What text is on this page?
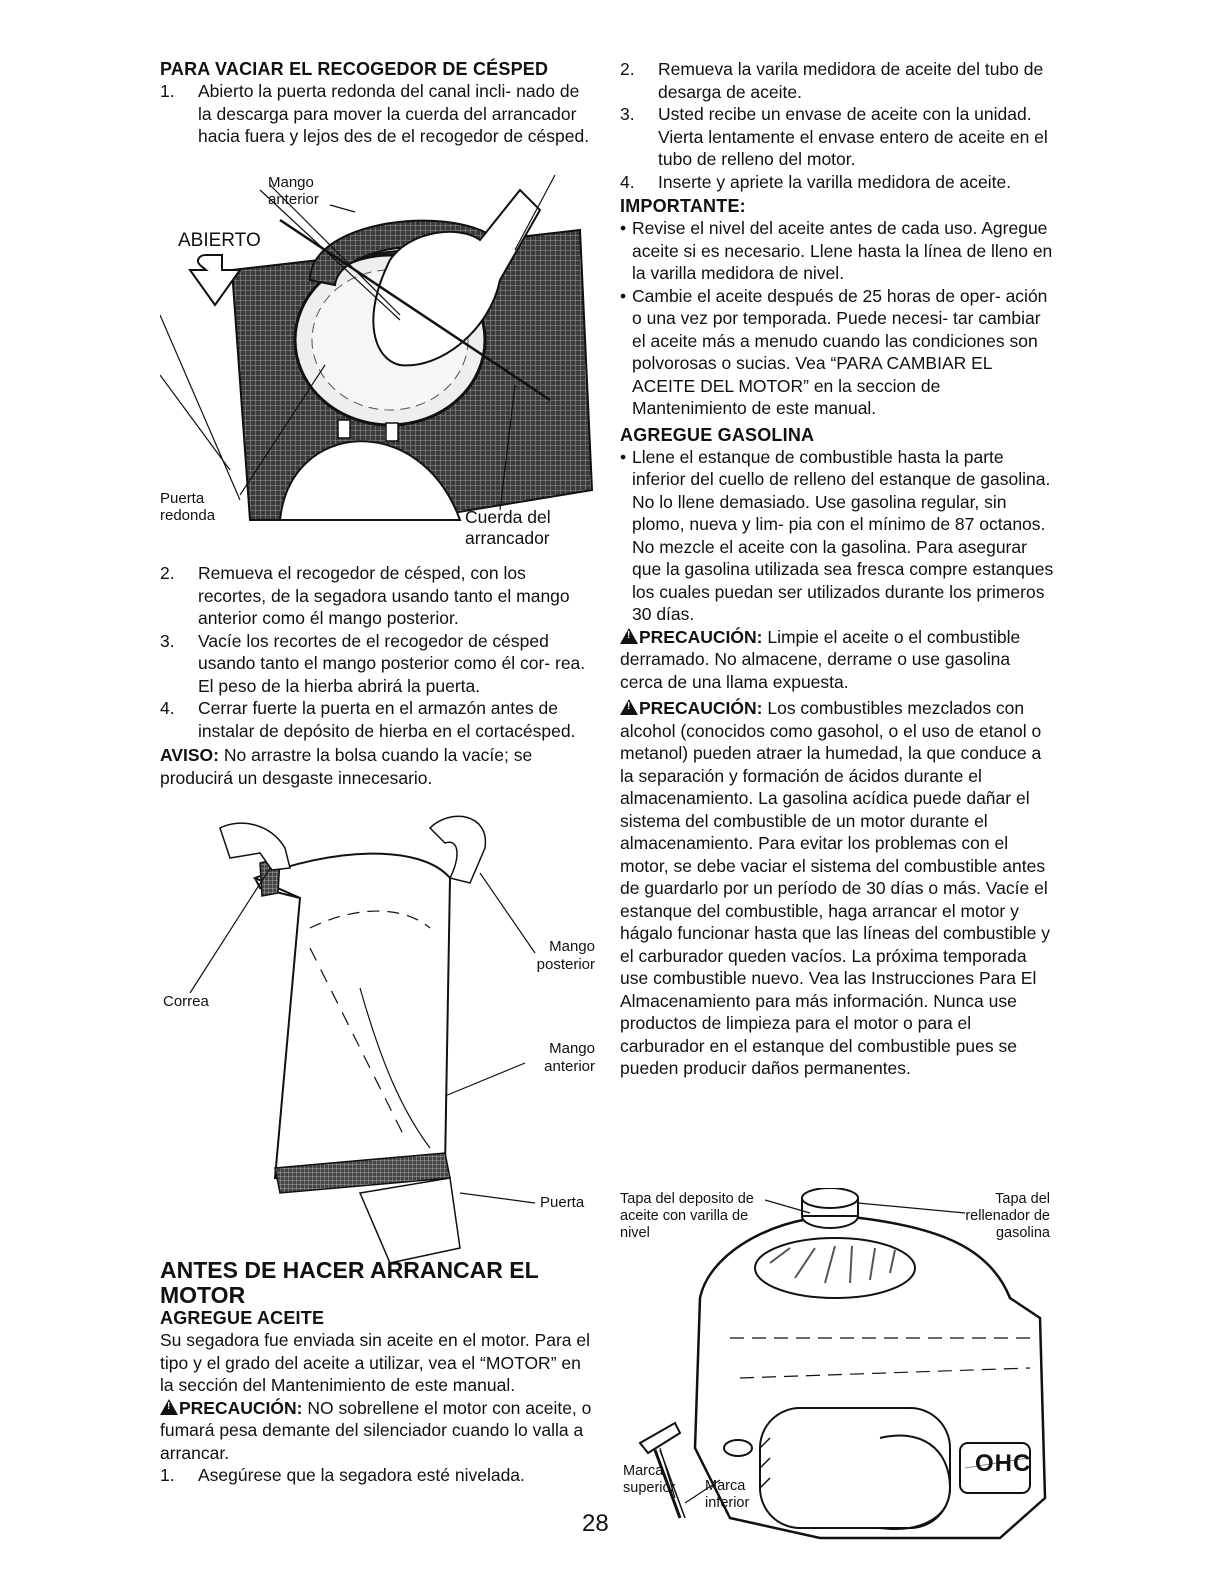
PARA VACIAR EL RECOGEDOR DE CÉSPED
1. Abierto la puerta redonda del canal incli- nado de la descarga para mover la cuerda del arrancador hacia fuera y lejos des de el recogedor de césped.
Mango anterior
ABIERTO
Puerta redonda	Cuerda del arrancador
2. Remueva el recogedor de césped, con los recortes, de la segadora usando tanto el mango anterior como él mango posterior.
3. Vacíe los recortes de el recogedor de césped usando tanto el mango posterior como él cor- rea. El peso de la hierba abrirá la puerta.
4. Cerrar fuerte la puerta en el armazón antes de instalar de depósito de hierba en el cortacésped.
AVISO: No arrastre la bolsa cuando la vacíe; se producirá un desgaste innecesario.
Correa
Mango posterior
Mango anterior
Puerta
ANTES DE HACER ARRANCAR EL MOTOR
AGREGUE ACEITE

Su segadora fue enviada sin aceite en el motor. Para el tipo y el grado del aceite a utilizar, vea el “MOTOR” en la sección del Mantenimiento de este manual.

!PRECAUCIÓN: NO sobrellene el motor con aceite, o fumará pesa demante del silenciador cuando lo valla a arrancar.

1. Asegúrese que la segadora esté nivelada.
28
2. Remueva la varila medidora de aceite del tubo de desarga de aceite.
3. Usted recibe un envase de aceite con la unidad. Vierta lentamente el envase entero de aceite en el tubo de relleno del motor.
4. Inserte y apriete la varilla medidora de aceite.
IMPORTANTE:
• Revise el nivel del aceite antes de cada uso. Agregue aceite si es necesario. Llene hasta la línea de lleno en la varilla medidora de nivel.
• Cambie el aceite después de 25 horas de oper- ación o una vez por temporada. Puede necesi- tar cambiar el aceite más a menudo cuando las condiciones son polvorosas o sucias. Vea “PARA CAMBIAR EL ACEITE DEL MOTOR” en la seccion de Mantenimiento de este manual.
AGREGUE GASOLINA
• Llene el estanque de combustible hasta la parte inferior del cuello de relleno del estanque de gasolina. No lo llene demasiado. Use gasolina regular, sin plomo, nueva y lim- pia con el mínimo de 87 octanos. No mezcle el aceite con la gasolina. Para asegurar que la gasolina utilizada sea fresca compre estanques los cuales puedan ser utilizados durante los primeros 30 días.

!PRECAUCIÓN: Limpie el aceite o el combustible derramado. No almacene, derrame o use gasolina cerca de una llama expuesta.

!PRECAUCIÓN: Los combustibles mezclados con alcohol (conocidos como gasohol, o el uso de etanol o metanol) pueden atraer la humedad, la que conduce a la separación y formación de ácidos durante el almacenamiento. La gasolina acídica puede dañar el sistema del combustible de un motor durante el almacenamiento. Para evitar los problemas con el motor, se debe vaciar el sistema del combustible antes de guardarlo por un período de 30 días o más. Vacíe el estanque del combustible, haga arrancar el motor y hágalo funcionar hasta que las líneas del combustible y el carburador queden vacíos. La próxima temporada use combustible nuevo. Vea las Instrucciones Para El Almacenamiento para más información. Nunca use productos de limpieza para el motor o para el carburador en el estanque del combustible pues se pueden producir daños permanentes.

Tapa del deposito de aceite con varilla de nivel
Tapa del rellenador de gasolina
Marca superior	Marca inferior
OHC
